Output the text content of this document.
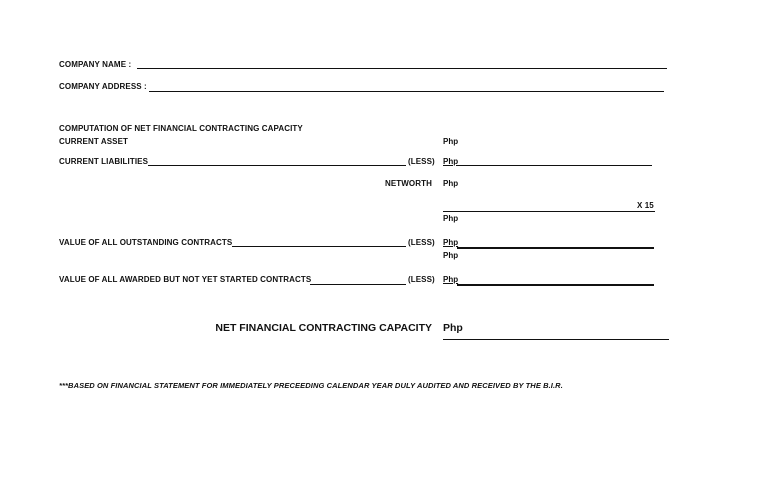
COMPANY NAME :
COMPANY ADDRESS :
COMPUTATION OF NET FINANCIAL CONTRACTING CAPACITY
CURRENT ASSET	Php
CURRENT LIABILITIES	(LESS) Php
NETWORTH Php
X 15
Php
VALUE OF ALL OUTSTANDING CONTRACTS	(LESS) Php
Php
VALUE OF ALL AWARDED BUT NOT YET STARTED CONTRACTS	(LESS) Php
NET FINANCIAL CONTRACTING CAPACITY Php
***BASED ON FINANCIAL STATEMENT FOR IMMEDIATELY PRECEEDING CALENDAR YEAR DULY AUDITED AND RECEIVED BY THE B.I.R.
